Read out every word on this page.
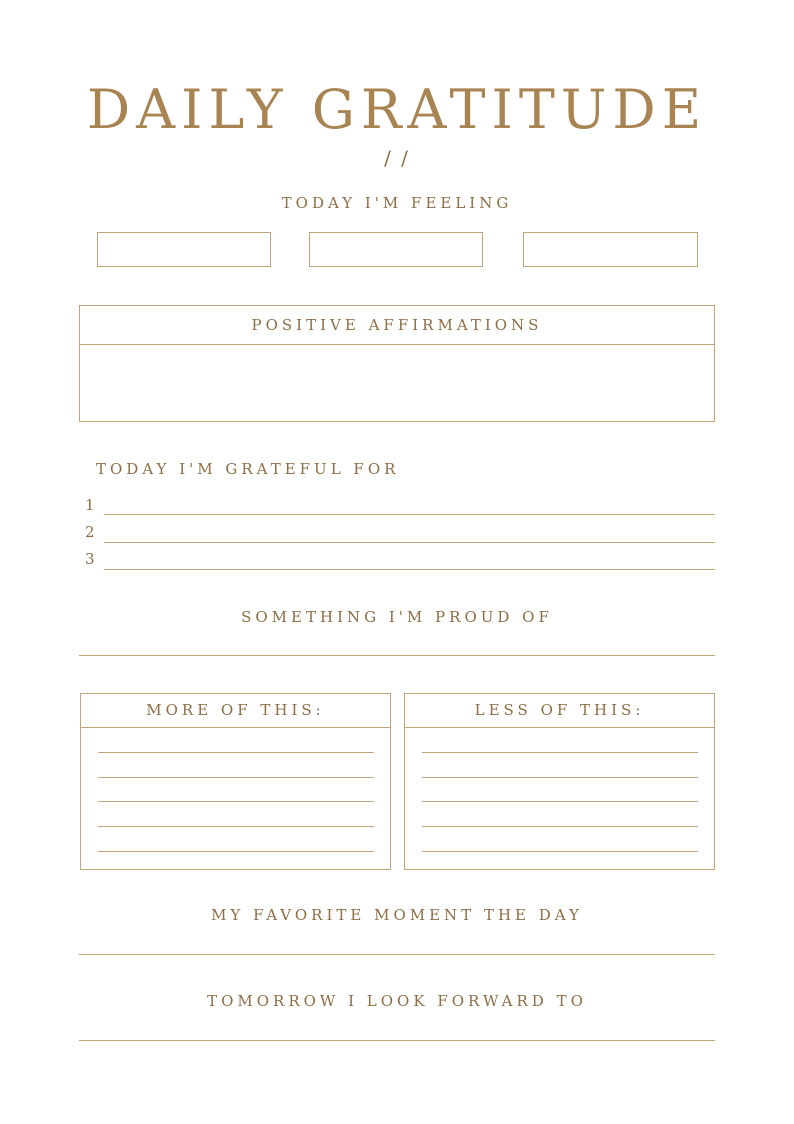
DAILY GRATITUDE
/ /
TODAY I'M FEELING
POSITIVE AFFIRMATIONS
TODAY I'M GRATEFUL FOR
1
2
3
SOMETHING I'M PROUD OF
MORE OF THIS:	LESS OF THIS:
MY FAVORITE MOMENT THE DAY
TOMORROW I LOOK FORWARD TO
